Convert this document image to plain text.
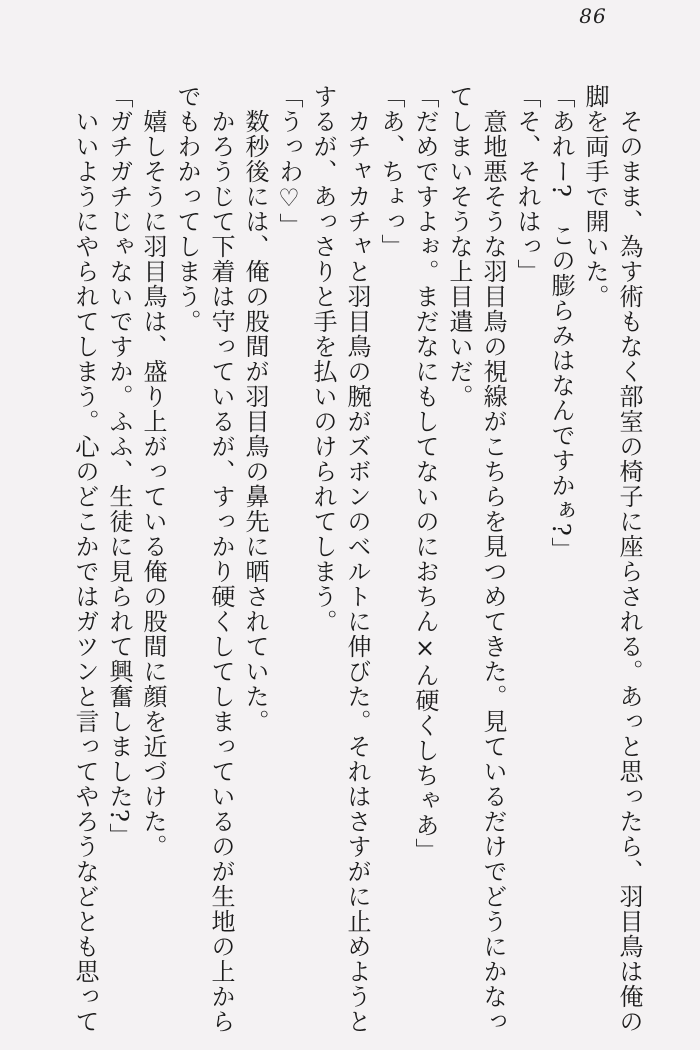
86

　そのまま、為す術もなく部室の椅子に座らされる。あっと思ったら、羽目鳥は俺の脚を両手で開いた。

「あれー?　この膨らみはなんですかぁ?」

「そ、それはっ」

　意地悪そうな羽目鳥の視線がこちらを見つめてきた。見ているだけでどうにかなってしまいそうな上目遣いだ。

「だめですよぉ。まだなにもしてないのにおちん×ん硬くしちゃあ」

「あ、ちょっ」

　カチャカチャと羽目鳥の腕がズボンのベルトに伸びた。それはさすがに止めようとするが、あっさりと手を払いのけられてしまう。

「うっわ♡」

　数秒後には、俺の股間が羽目鳥の鼻先に晒されていた。

　かろうじて下着は守っているが、すっかり硬くしてしまっているのが生地の上からでもわかってしまう。

　嬉しそうに羽目鳥は、盛り上がっている俺の股間に顔を近づけた。

「ガチガチじゃないですか。ふふ、生徒に見られて興奮しました?」

　いいようにやられてしまう。心のどこかではガツンと言ってやろうなどとも思って
